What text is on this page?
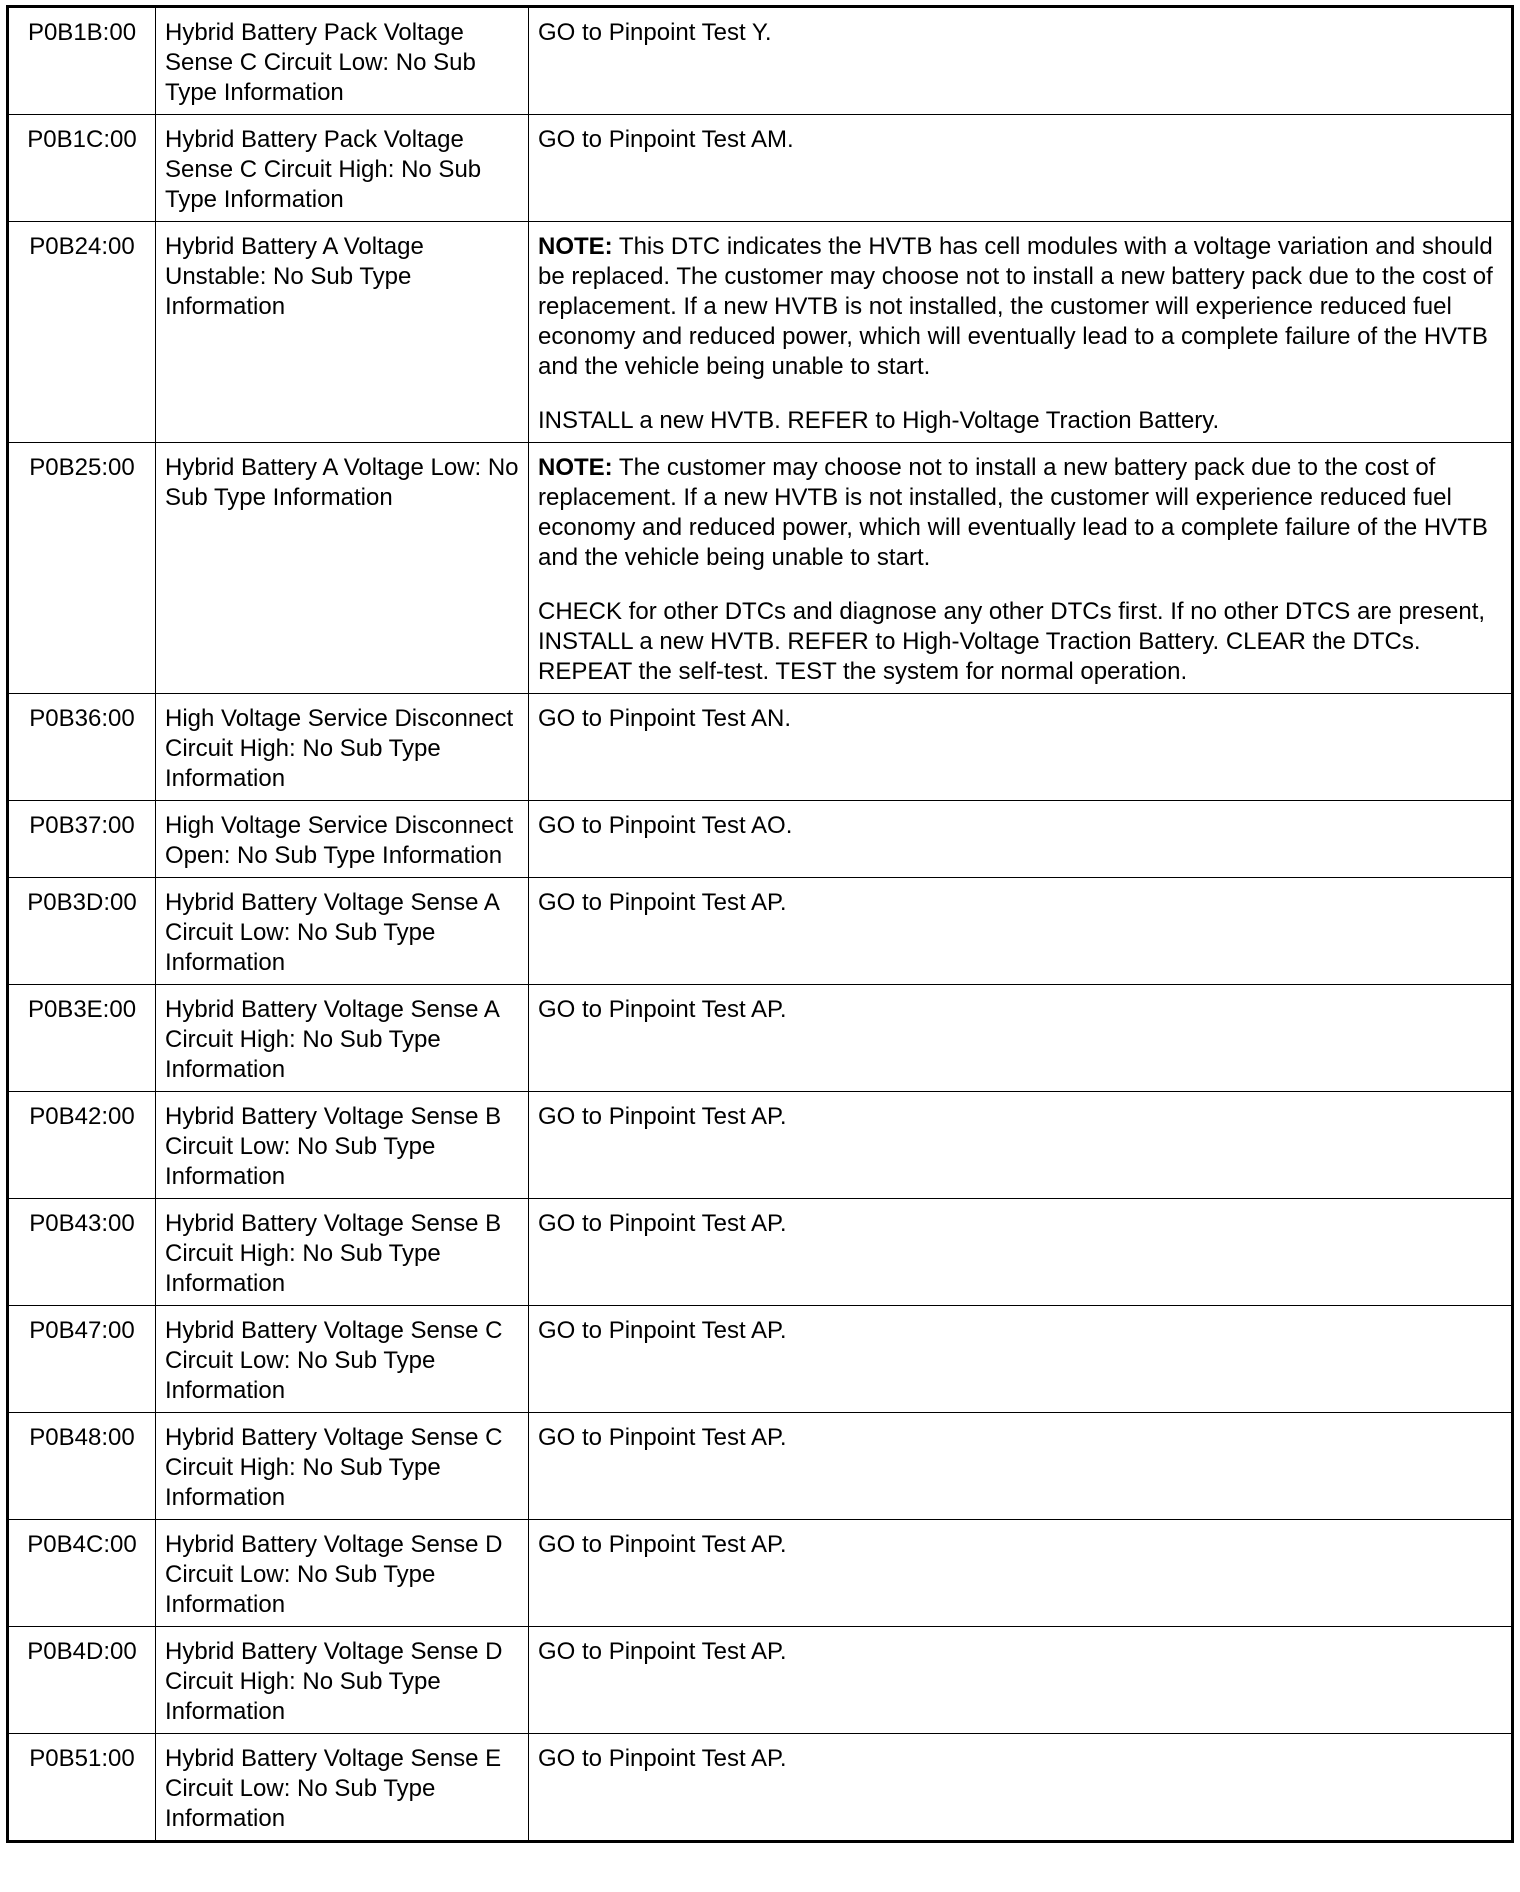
P0B1B:00	Hybrid Battery Pack Voltage Sense C Circuit Low: No Sub Type Information	GO to Pinpoint Test Y.

P0B1C:00	Hybrid Battery Pack Voltage Sense C Circuit High: No Sub Type Information	GO to Pinpoint Test AM.

P0B24:00	Hybrid Battery A Voltage Unstable: No Sub Type Information	NOTE: This DTC indicates the HVTB has cell modules with a voltage variation and should be replaced. The customer may choose not to install a new battery pack due to the cost of replacement. If a new HVTB is not installed, the customer will experience reduced fuel economy and reduced power, which will eventually lead to a complete failure of the HVTB and the vehicle being unable to start.

INSTALL a new HVTB. REFER to High-Voltage Traction Battery.

P0B25:00	Hybrid Battery A Voltage Low: No Sub Type Information	NOTE: The customer may choose not to install a new battery pack due to the cost of replacement. If a new HVTB is not installed, the customer will experience reduced fuel economy and reduced power, which will eventually lead to a complete failure of the HVTB and the vehicle being unable to start.

CHECK for other DTCs and diagnose any other DTCs first. If no other DTCS are present, INSTALL a new HVTB. REFER to High-Voltage Traction Battery. CLEAR the DTCs. REPEAT the self-test. TEST the system for normal operation.

P0B36:00	High Voltage Service Disconnect Circuit High: No Sub Type Information	GO to Pinpoint Test AN.

P0B37:00	High Voltage Service Disconnect Open: No Sub Type Information	GO to Pinpoint Test AO.

P0B3D:00	Hybrid Battery Voltage Sense A Circuit Low: No Sub Type Information	GO to Pinpoint Test AP.

P0B3E:00	Hybrid Battery Voltage Sense A Circuit High: No Sub Type Information	GO to Pinpoint Test AP.

P0B42:00	Hybrid Battery Voltage Sense B Circuit Low: No Sub Type Information	GO to Pinpoint Test AP.

P0B43:00	Hybrid Battery Voltage Sense B Circuit High: No Sub Type Information	GO to Pinpoint Test AP.

P0B47:00	Hybrid Battery Voltage Sense C Circuit Low: No Sub Type Information	GO to Pinpoint Test AP.

P0B48:00	Hybrid Battery Voltage Sense C Circuit High: No Sub Type Information	GO to Pinpoint Test AP.

P0B4C:00	Hybrid Battery Voltage Sense D Circuit Low: No Sub Type Information	GO to Pinpoint Test AP.

P0B4D:00	Hybrid Battery Voltage Sense D Circuit High: No Sub Type Information	GO to Pinpoint Test AP.

P0B51:00	Hybrid Battery Voltage Sense E Circuit Low: No Sub Type Information	GO to Pinpoint Test AP.
